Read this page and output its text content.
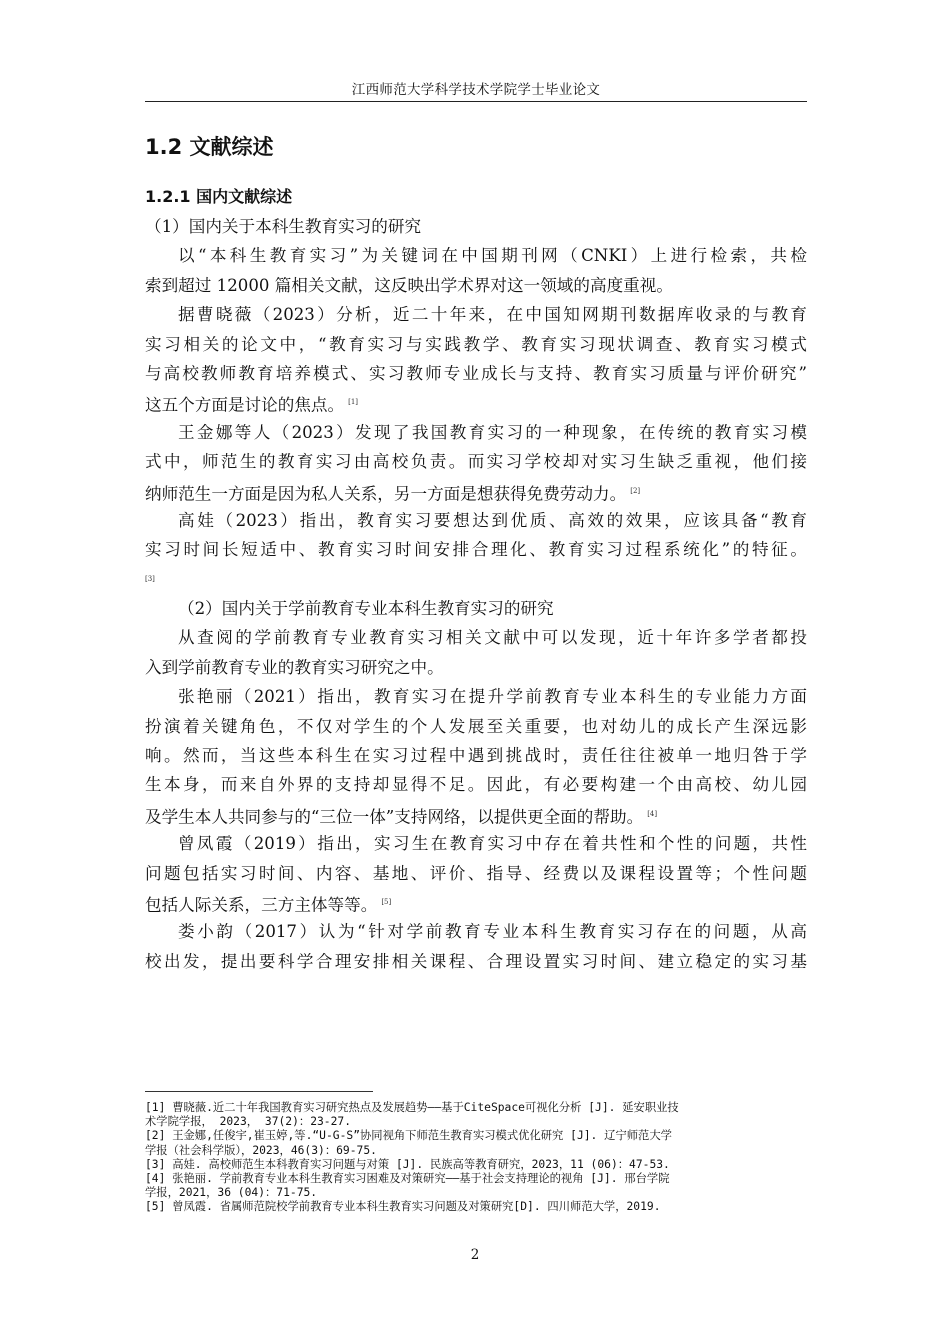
江西师范大学科学技术学院学士毕业论文
1.2 文献综述
1.2.1 国内文献综述
（1）国内关于本科生教育实习的研究
以“本科生教育实习”为关键词在中国期刊网（CNKI）上进行检索，共检
索到超过 12000 篇相关文献，这反映出学术界对这一领域的高度重视。
据曹晓薇（2023）分析，近二十年来，在中国知网期刊数据库收录的与教育
实习相关的论文中，“教育实习与实践教学、教育实习现状调查、教育实习模式
与高校教师教育培养模式、实习教师专业成长与支持、教育实习质量与评价研究”
这五个方面是讨论的焦点。 [1]
王金娜等人（2023）发现了我国教育实习的一种现象，在传统的教育实习模
式中，师范生的教育实习由高校负责。而实习学校却对实习生缺乏重视，他们接
纳师范生一方面是因为私人关系，另一方面是想获得免费劳动力。 [2]
高娃（2023）指出，教育实习要想达到优质、高效的效果，应该具备“教育
实习时间长短适中、教育实习时间安排合理化、教育实习过程系统化”的特征。
[3]
（2）国内关于学前教育专业本科生教育实习的研究
从查阅的学前教育专业教育实习相关文献中可以发现，近十年许多学者都投
入到学前教育专业的教育实习研究之中。
张艳丽（2021）指出，教育实习在提升学前教育专业本科生的专业能力方面
扮演着关键角色，不仅对学生的个人发展至关重要，也对幼儿的成长产生深远影
响。然而，当这些本科生在实习过程中遇到挑战时，责任往往被单一地归咎于学
生本身，而来自外界的支持却显得不足。因此，有必要构建一个由高校、幼儿园
及学生本人共同参与的“三位一体”支持网络，以提供更全面的帮助。 [4]
曾凤霞（2019）指出，实习生在教育实习中存在着共性和个性的问题，共性
问题包括实习时间、内容、基地、评价、指导、经费以及课程设置等；个性问题
包括人际关系，三方主体等等。 [5]
娄小韵（2017）认为“针对学前教育专业本科生教育实习存在的问题，从高
校出发，提出要科学合理安排相关课程、合理设置实习时间、建立稳定的实习基
[1] 曹晓薇.近二十年我国教育实习研究热点及发展趋势——基于CiteSpace可视化分析 [J]. 延安职业技
术学院学报， 2023， 37(2)：23-27.
[2] 王金娜,任俊宇,崔玉婷,等.“U-G-S”协同视角下师范生教育实习模式优化研究 [J]. 辽宁师范大学
学报（社会科学版），2023，46(3)：69-75.
[3] 高娃. 高校师范生本科教育实习问题与对策 [J]. 民族高等教育研究，2023，11 (06)：47-53.
[4] 张艳丽. 学前教育专业本科生教育实习困难及对策研究——基于社会支持理论的视角 [J]. 邢台学院
学报，2021，36 (04)：71-75.
[5] 曾凤霞. 省属师范院校学前教育专业本科生教育实习问题及对策研究[D]. 四川师范大学，2019.
2
